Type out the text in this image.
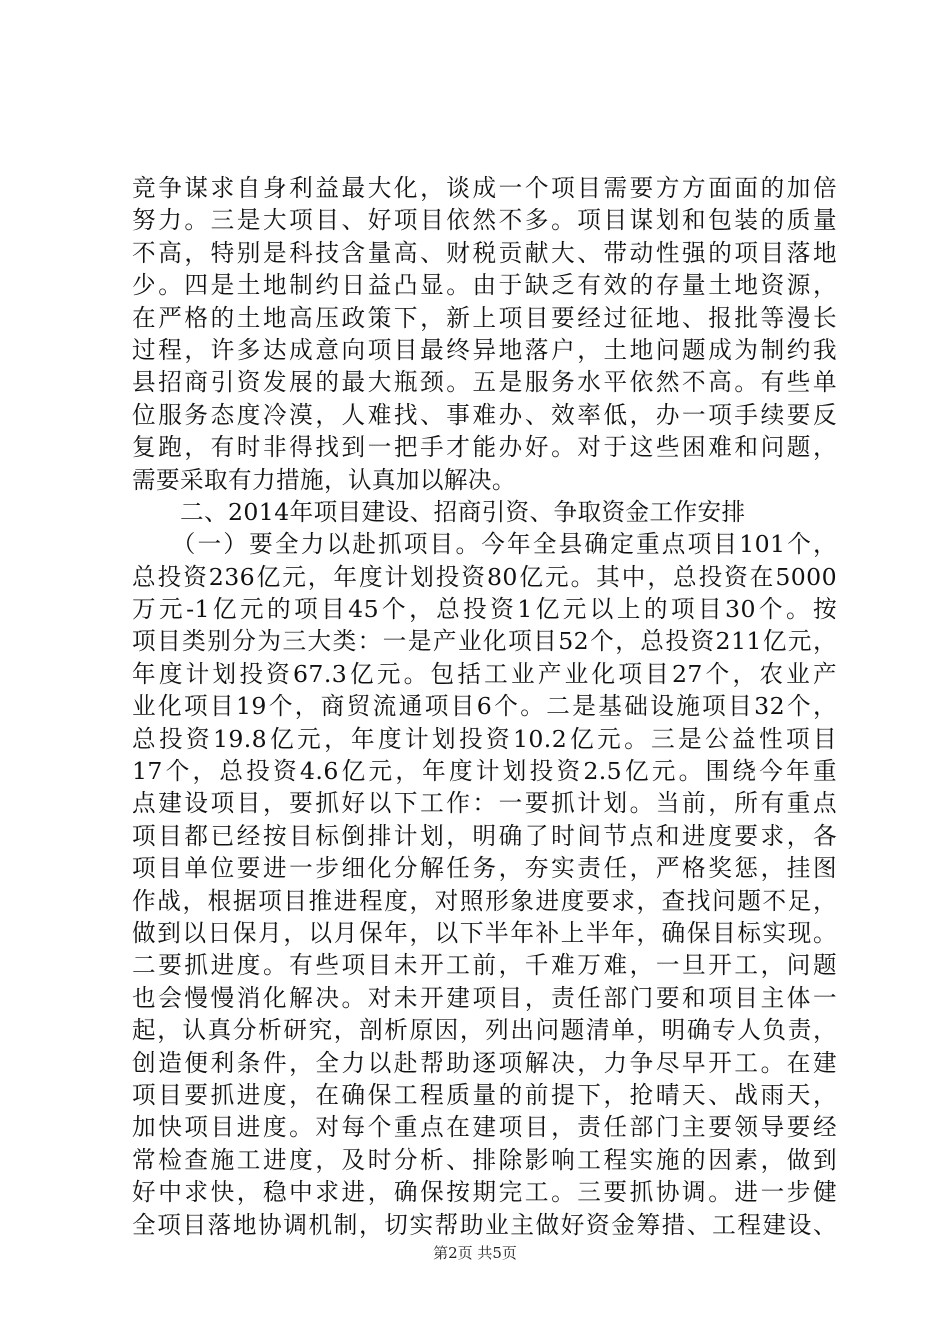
竞争谋求自身利益最大化，谈成一个项目需要方方面面的加倍
努力。三是大项目、好项目依然不多。项目谋划和包装的质量
不高，特别是科技含量高、财税贡献大、带动性强的项目落地
少。四是土地制约日益凸显。由于缺乏有效的存量土地资源，
在严格的土地高压政策下，新上项目要经过征地、报批等漫长
过程，许多达成意向项目最终异地落户，土地问题成为制约我
县招商引资发展的最大瓶颈。五是服务水平依然不高。有些单
位服务态度冷漠，人难找、事难办、效率低，办一项手续要反
复跑，有时非得找到一把手才能办好。对于这些困难和问题，
需要采取有力措施，认真加以解决。
　　二、2014年项目建设、招商引资、争取资金工作安排
　　（一）要全力以赴抓项目。今年全县确定重点项目101个，
总投资236亿元，年度计划投资80亿元。其中，总投资在5000
万元-1亿元的项目45个，总投资1亿元以上的项目30个。按
项目类别分为三大类：一是产业化项目52个，总投资211亿元，
年度计划投资67.3亿元。包括工业产业化项目27个，农业产
业化项目19个，商贸流通项目6个。二是基础设施项目32个，
总投资19.8亿元，年度计划投资10.2亿元。三是公益性项目
17个，总投资4.6亿元，年度计划投资2.5亿元。围绕今年重
点建设项目，要抓好以下工作：一要抓计划。当前，所有重点
项目都已经按目标倒排计划，明确了时间节点和进度要求，各
项目单位要进一步细化分解任务，夯实责任，严格奖惩，挂图
作战，根据项目推进程度，对照形象进度要求，查找问题不足，
做到以日保月，以月保年，以下半年补上半年，确保目标实现。
二要抓进度。有些项目未开工前，千难万难，一旦开工，问题
也会慢慢消化解决。对未开建项目，责任部门要和项目主体一
起，认真分析研究，剖析原因，列出问题清单，明确专人负责，
创造便利条件，全力以赴帮助逐项解决，力争尽早开工。在建
项目要抓进度，在确保工程质量的前提下，抢晴天、战雨天，
加快项目进度。对每个重点在建项目，责任部门主要领导要经
常检查施工进度，及时分析、排除影响工程实施的因素，做到
好中求快，稳中求进，确保按期完工。三要抓协调。进一步健
全项目落地协调机制，切实帮助业主做好资金筹措、工程建设、
第2页 共5页
